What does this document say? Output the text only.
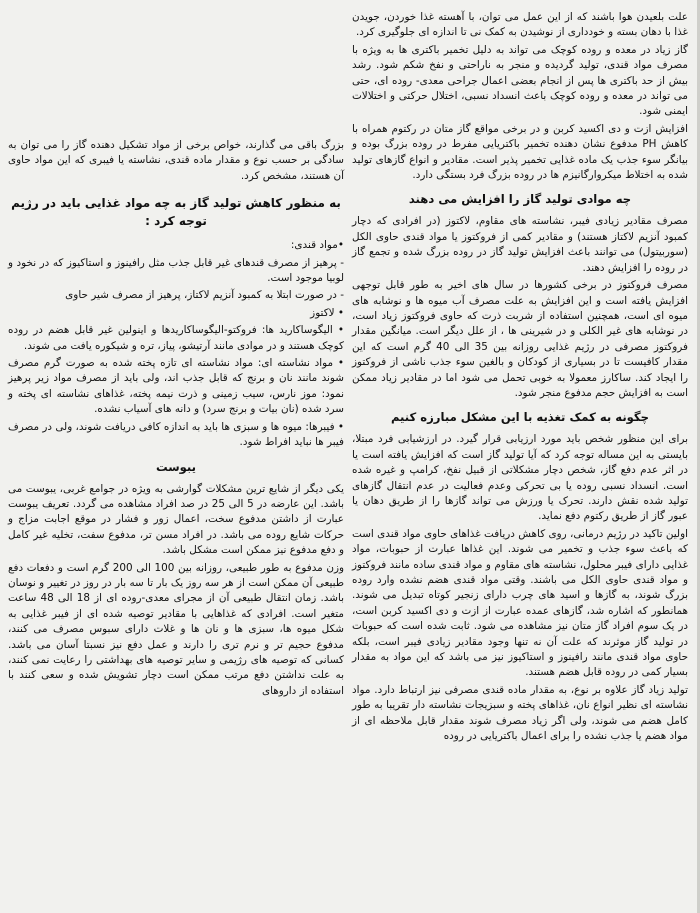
علت بلعیدن هوا باشند که از این عمل می توان، با آهسته غذا خوردن، جویدن غذا با دهان بسته و خودداری از نوشیدن به کمک نی تا اندازه ای جلوگیری کرد.

گاز زیاد در معده و روده کوچک می تواند به دلیل تخمیر باکتری ها به ویژه با مصرف مواد قندی، تولید گردیده و منجر به ناراحتی و نفخ شکم شود. رشد بیش از حد باکتری ها پس از انجام بعضی اعمال جراحی معدی- روده ای، حتی می تواند در معده و روده کوچک باعث انسداد نسبی، اختلال حرکتی و اختلالات ایمنی شود.

افزایش ازت و دی اکسید کربن و در برخی مواقع گاز متان در رکتوم همراه با کاهش PH مدفوع نشان دهنده تخمیر باکتریایی مفرط در روده بزرگ بوده و بیانگر سوء جذب یک ماده غذایی تخمیر پذیر است. مقادیر و انواع گازهای تولید شده به اختلاط میکروارگانیزم ها در روده بزرگ فرد بستگی دارد.

چه موادی تولید گاز را افزایش می دهند

مصرف مقادیر زیادی فیبر، نشاسته های مقاوم، لاکتوز (در افرادی که دچار کمبود آنزیم لاکتاز هستند) و مقادیر کمی از فروکتوز یا مواد قندی حاوی الکل (سوربیتول) می توانند باعث افزایش تولید گاز در روده بزرگ شده و تجمع گاز در روده را افزایش دهند.

مصرف فروکتوز در برخی کشورها در سال های اخیر به طور قابل توجهی افزایش یافته است و این افزایش به علت مصرف آب میوه ها و نوشابه های میوه ای است، همچنین استفاده از شربت ذرت که حاوی فروکتوز زیاد است، در نوشابه های غیر الکلی و در شیرینی ها ، از علل دیگر است. میانگین مقدار فروکتوز مصرفی در رژیم غذایی روزانه بین 35 الی 40 گرم است که این مقدار کافیست تا در بسیاری از کودکان و بالغین سوء جذب ناشی از فروکتوز را ایجاد کند. ساکارز معمولا به خوبی تحمل می شود اما در مقادیر زیاد ممکن است به افزایش حجم مدفوع منجر شود.

چگونه به کمک تغذیه با این مشکل مبارزه کنیم

برای این منظور شخص باید مورد ارزیابی قرار گیرد. در ارزشیابی فرد مبتلا، بایستی به این مساله توجه کرد که آیا تولید گاز است که افزایش یافته است یا در اثر عدم دفع گاز، شخص دچار مشکلاتی از قبیل نفخ، کرامپ و غیره شده است. انسداد نسبی روده یا بی تحرکی وعدم فعالیت در عدم انتقال گازهای تولید شده نقش دارند. تحرک یا ورزش می تواند گازها را از طریق دهان یا عبور گاز از طریق رکتوم دفع نماید.

اولین تاکید در رژیم درمانی، روی کاهش دریافت غذاهای حاوی مواد قندی است که باعث سوء جذب و تخمیر می شوند. این غذاها عبارت از حبوبات، مواد غذایی دارای فیبر محلول، نشاسته های مقاوم و مواد قندی ساده مانند فروکتوز و مواد قندی حاوی الکل می باشند. وقتی مواد قندی هضم نشده وارد روده بزرگ شوند، به گازها و اسید های چرب دارای زنجیر کوتاه تبدیل می شوند. همانطور که اشاره شد، گازهای عمده عبارت از ازت و دی اکسید کربن است، در یک سوم افراد گاز متان نیز مشاهده می شود. ثابت شده است که حبوبات در تولید گاز موثرند که علت آن نه تنها وجود مقادیر زیادی فیبر است، بلکه حاوی مواد قندی مانند رافینوز و استاکیوز نیز می باشد که این مواد به مقدار بسیار کمی در روده قابل هضم هستند.

تولید زیاد گاز علاوه بر نوع، به مقدار ماده قندی مصرفی نیز ارتباط دارد. مواد نشاسته ای نظیر انواع نان، غذاهای پخته و سبزیجات نشاسته دار تقریبا به طور کامل هضم می شوند، ولی اگر زیاد مصرف شوند مقدار قابل ملاحظه ای از مواد هضم یا جذب نشده را برای اعمال باکتریایی در روده

بزرگ باقی می گذارند، خواص برخی از مواد تشکیل دهنده گاز را می توان به سادگی بر حسب نوع و مقدار ماده قندی، نشاسته یا فیبری که این مواد حاوی آن هستند، مشخص کرد.

به منظور کاهش تولید گاز به چه مواد غذایی باید در رژیم توجه کرد :
•مواد قندی:
- پرهیز از مصرف قندهای غیر قابل جذب مثل رافینوز و استاکیوز که در نخود و لوبیا موجود است.
- در صورت ابتلا به کمبود آنزیم لاکتاز، پرهیز از مصرف شیر حاوی
• لاکتوز
• الیگوساکارید ها: فروکتو-الیگوساکاریدها و اینولین غیر قابل هضم در روده کوچک هستند و در موادی مانند آرتیشو، پیاز، تره و شیکوره یافت می شوند.
• مواد نشاسته ای: مواد نشاسته ای تازه پخته شده به صورت گرم مصرف شوند مانند نان و برنج که قابل جذب اند، ولی باید از مصرف مواد زیر پرهیز نمود: موز نارس، سیب زمینی و ذرت نیمه پخته، غذاهای نشاسته ای پخته و سرد شده (نان بیات و برنج سرد) و دانه های آسیاب نشده.
• فیبرها: میوه ها و سبزی ها باید به اندازه کافی دریافت شوند، ولی در مصرف فیبر ها نباید افراط شود.
یبوست

یکی دیگر از شایع ترین مشکلات گوارشی به ویژه در جوامع غربی، یبوست می باشد. این عارضه در 5 الی 25 در صد افراد مشاهده می گردد. تعریف یبوست عبارت از داشتن مدفوع سخت، اعمال زور و فشار در موقع اجابت مزاج و حرکات شایع روده می باشد. در افراد مسن تر، مدفوع سفت، تخلیه غیر کامل و دفع مدفوع نیز ممکن است مشکل باشد.

وزن مدفوع به طور طبیعی، روزانه بین 100 الی 200 گرم است و دفعات دفع طبیعی آن ممکن است از هر سه روز یک بار تا سه بار در روز در تغییر و نوسان باشد. زمان انتقال طبیعی آن از مجرای معدی-روده ای از 18 الی 48 ساعت متغیر است. افرادی که غذاهایی با مقادیر توصیه شده ای از فیبر غذایی به شکل میوه ها، سبزی ها و نان ها و غلات دارای سبوس مصرف می کنند، مدفوع حجیم تر و نرم تری را دارند و عمل دفع نیز نسبتا آسان می باشد. کسانی که توصیه های رژیمی و سایر توصیه های بهداشتی را رعایت نمی کنند، به علت نداشتن دفع مرتب ممکن است دچار تشویش شده و سعی کنند با استفاده از داروهای
